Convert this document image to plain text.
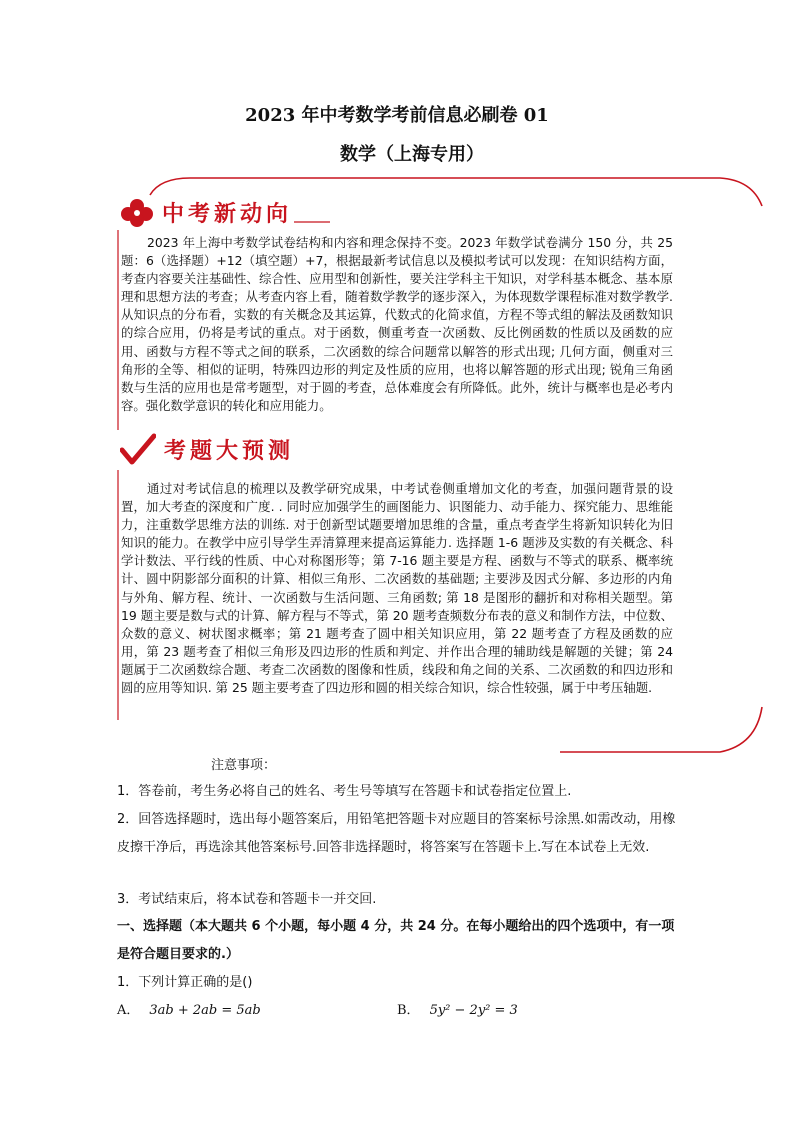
2023 年中考数学考前信息必刷卷 01
数学（上海专用）
中考新动向

2023 年上海中考数学试卷结构和内容和理念保持不变。2023 年数学试卷满分 150 分，共 25 题：6（选择题）+12（填空题）+7，根据最新考试信息以及模拟考试可以发现：在知识结构方面，考查内容要关注基础性、综合性、应用型和创新性，要关注学科主干知识，对学科基本概念、基本原理和思想方法的考查；从考查内容上看，随着数学教学的逐步深入，为体现数学课程标准对数学教学. 从知识点的分布看，实数的有关概念及其运算，代数式的化简求值，方程不等式组的解法及函数知识的综合应用，仍将是考试的重点。对于函数，侧重考查一次函数、反比例函数的性质以及函数的应用、函数与方程不等式之间的联系，二次函数的综合问题常以解答的形式出现; 几何方面，侧重对三角形的全等、相似的证明，特殊四边形的判定及性质的应用，也将以解答题的形式出现; 锐角三角函数与生活的应用也是常考题型，对于圆的考查，总体难度会有所降低。此外，统计与概率也是必考内容。强化数学意识的转化和应用能力。

考题大预测

通过对考试信息的梳理以及教学研究成果，中考试卷侧重增加文化的考查，加强问题背景的设置，加大考查的深度和广度. . 同时应加强学生的画图能力、识图能力、动手能力、探究能力、思维能力，注重数学思维方法的训练. 对于创新型试题要增加思维的含量，重点考查学生将新知识转化为旧知识的能力。在教学中应引导学生弄清算理来提高运算能力. 选择题 1-6 题涉及实数的有关概念、科学计数法、平行线的性质、中心对称图形等；第 7-16 题主要是方程、函数与不等式的联系、概率统计、圆中阴影部分面积的计算、相似三角形、二次函数的基础题; 主要涉及因式分解、多边形的内角与外角、解方程、统计、一次函数与生活问题、三角函数; 第 18 是图形的翻折和对称相关题型。第 19 题主要是数与式的计算、解方程与不等式，第 20 题考查频数分布表的意义和制作方法，中位数、众数的意义、树状图求概率；第 21 题考查了圆中相关知识应用，第 22 题考查了方程及函数的应用，第 23 题考查了相似三角形及四边形的性质和判定、并作出合理的辅助线是解题的关键；第 24 题属于二次函数综合题、考查二次函数的图像和性质，线段和角之间的关系、二次函数的和四边形和圆的应用等知识. 第 25 题主要考查了四边形和圆的相关综合知识，综合性较强，属于中考压轴题.

注意事项：

1．答卷前，考生务必将自己的姓名、考生号等填写在答题卡和试卷指定位置上.

2．回答选择题时，选出每小题答案后，用铅笔把答题卡对应题目的答案标号涂黑.如需改动，用橡皮擦干净后，再选涂其他答案标号.回答非选择题时，将答案写在答题卡上.写在本试卷上无效.

3．考试结束后，将本试卷和答题卡一并交回.

一、选择题（本大题共 6 个小题，每小题 4 分，共 24 分。在每小题给出的四个选项中，有一项是符合题目要求的.）

1．下列计算正确的是()

A． 3ab + 2ab = 5ab	B． 5y² − 2y² = 3
